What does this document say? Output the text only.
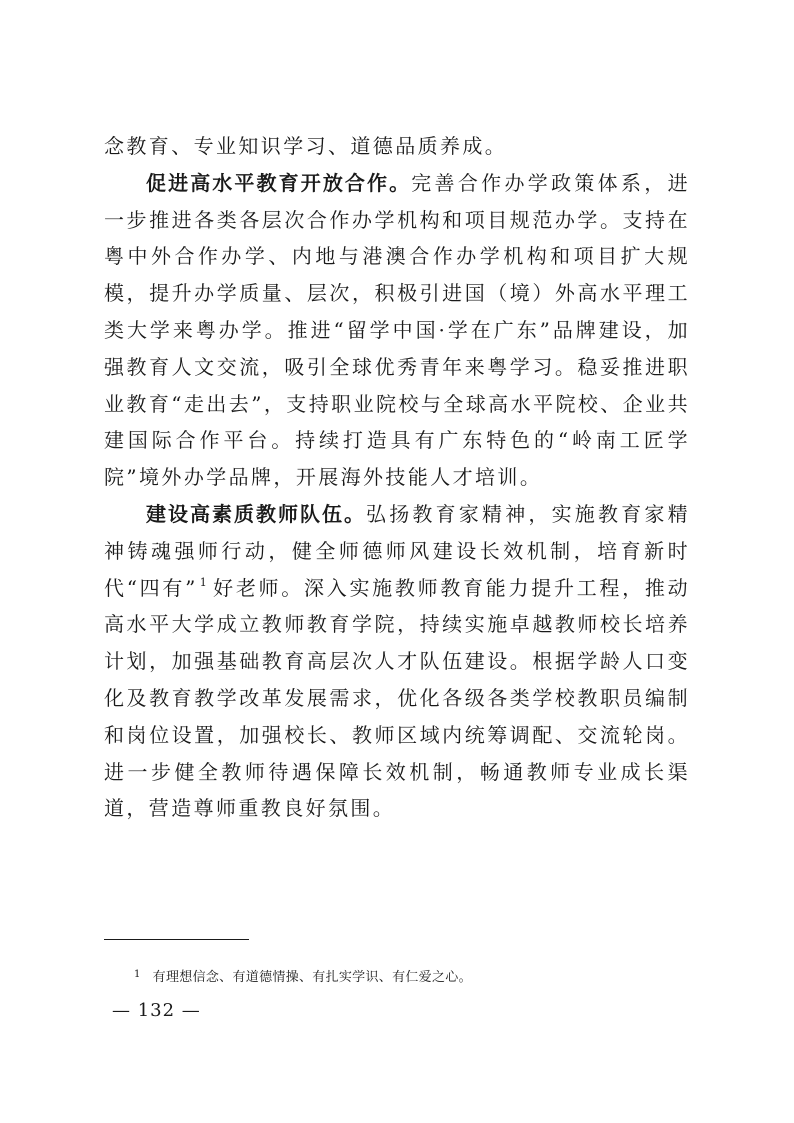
念教育、专业知识学习、道德品质养成。

促进高水平教育开放合作。完善合作办学政策体系，进一步推进各类各层次合作办学机构和项目规范办学。支持在粤中外合作办学、内地与港澳合作办学机构和项目扩大规模，提升办学质量、层次，积极引进国（境）外高水平理工类大学来粤办学。推进“留学中国·学在广东”品牌建设，加强教育人文交流，吸引全球优秀青年来粤学习。稳妥推进职业教育“走出去”，支持职业院校与全球高水平院校、企业共建国际合作平台。持续打造具有广东特色的“岭南工匠学院”境外办学品牌，开展海外技能人才培训。

建设高素质教师队伍。弘扬教育家精神，实施教育家精神铸魂强师行动，健全师德师风建设长效机制，培育新时代“四有” $^1$ 好老师。深入实施教师教育能力提升工程，推动高水平大学成立教师教育学院，持续实施卓越教师校长培养计划，加强基础教育高层次人才队伍建设。根据学龄人口变化及教育教学改革发展需求，优化各级各类学校教职员编制和岗位设置，加强校长、教师区域内统筹调配、交流轮岗。进一步健全教师待遇保障长效机制，畅通教师专业成长渠道，营造尊师重教良好氛围。

$^1$ 有理想信念、有道德情操、有扎实学识、有仁爱之心。
— 132 —
